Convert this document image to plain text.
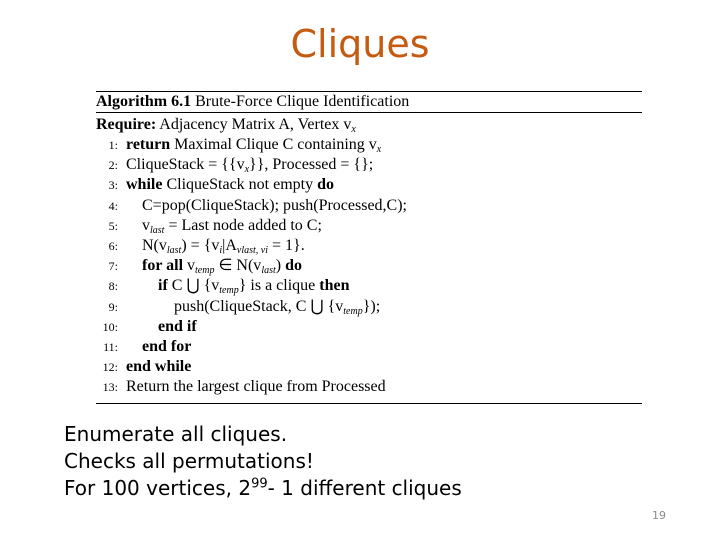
Cliques
Algorithm 6.1 Brute-Force Clique Identification
Require: Adjacency Matrix A, Vertex $v_x$
1: return Maximal Clique C containing $v_x$
2: CliqueStack = $\{\{v_x\}\}$, Processed = {};
3: while CliqueStack not empty do
4: C=pop(CliqueStack); push(Processed,C);
5: $v_{last}$ = Last node added to C;
6: $N(v_{last}) = \{v_i|A_{vlast, vi} = 1\}$.
7: for all $v_{temp}$ ∈ $N(v_{last})$ do
8:	if C ⋃ $\{v_{temp}\}$ is a clique then
9:	push(CliqueStack, C ⋃ $\{v_{temp}\}$);
10:	end if
11: end for
12: end while
13: Return the largest clique from Processed
Enumerate all cliques.
Checks all permutations!
For 100 vertices, $2^{99}-$ 1 different cliques
19
